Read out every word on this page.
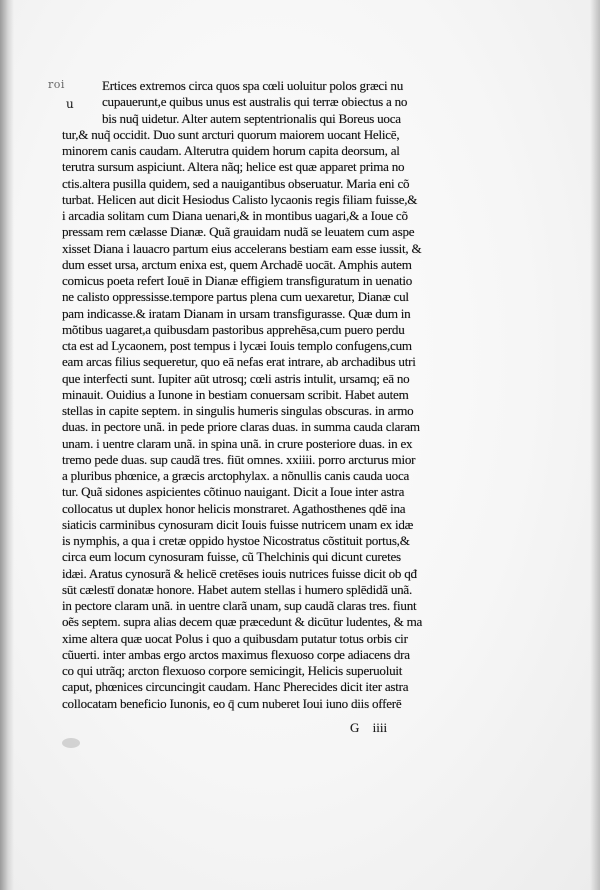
roi
u
Ertices extremos circa quos spa cœli uoluitur polos græci nu
cupauerunt,e quibus unus est australis qui terræ obiectus a no
bis nuq̃ uidetur. Alter autem septentrionalis qui Boreus uoca
tur,& nuq̃ occidit. Duo sunt arcturi quorum maiorem uocant Helicē,
minorem canis caudam. Alterutra quidem horum capita deorsum, al
terutra sursum aspiciunt. Altera nãq; helice est quæ apparet prima no
ctis.altera pusilla quidem, sed a nauigantibus obseruatur. Maria eni cõ
turbat. Helicen aut dicit Hesiodus Calisto lycaonis regis filiam fuisse,&
i arcadia solitam cum Diana uenari,& in montibus uagari,& a Ioue cõ
pressam rem cælasse Dianæ. Quã grauidam nudã se leuatem cum aspe
xisset Diana i lauacro partum eius accelerans bestiam eam esse iussit, &
dum esset ursa, arctum enixa est, quem Archadē uocāt. Amphis autem
comicus poeta refert Iouē in Dianæ effigiem transfiguratum in uenatio
ne calisto oppressisse.tempore partus plena cum uexaretur, Dianæ cul
pam indicasse.& iratam Dianam in ursam transfigurasse. Quæ dum in
mõtibus uagaret,a quibusdam pastoribus apprehēsa,cum puero perdu
cta est ad Lycaonem, post tempus i lycæi Iouis templo confugens,cum
eam arcas filius sequeretur, quo eā nefas erat intrare, ab archadibus utri
que interfecti sunt. Iupiter aūt utrosq; cœli astris intulit, ursamq; eā no
minauit. Ouidius a Iunone in bestiam conuersam scribit. Habet autem
stellas in capite septem. in singulis humeris singulas obscuras. in armo
duas. in pectore unã. in pede priore claras duas. in summa cauda claram
unam. i uentre claram unã. in spina unã. in crure posteriore duas. in ex
tremo pede duas. sup caudã tres. fiūt omnes. xxiiii. porro arcturus mior
a pluribus phœnice, a græcis arctophylax. a nõnullis canis cauda uoca
tur. Quã sidones aspicientes cõtinuo nauigant. Dicit a Ioue inter astra
collocatus ut duplex honor helicis monstraret. Agathosthenes qdē ina
siaticis carminibus cynosuram dicit Iouis fuisse nutricem unam ex idæ
is nymphis, a qua i cretæ oppido hystoe Nicostratus cõstituit portus,&
circa eum locum cynosuram fuisse, cũ Thelchinis qui dicunt curetes
idæi. Aratus cynosurã & helicē cretēses iouis nutrices fuisse dicit ob qđ
sūt cælestī donatæ honore. Habet autem stellas i humero splēdidã unã.
in pectore claram unã. in uentre clarã unam, sup caudã claras tres. fiunt
oẽs septem. supra alias decem quæ præcedunt & dicūtur ludentes, & ma
xime altera quæ uocat Polus i quo a quibusdam putatur totus orbis cir
cũuerti. inter ambas ergo arctos maximus flexuoso corpe adiacens dra
co qui utrãq; arcton flexuoso corpore semicingit, Helicis superuoluit
caput, phœnices circuncingit caudam. Hanc Pherecides dicit iter astra
collocatam beneficio Iunonis, eo q̄ cum nuberet Ioui iuno diis offerē
G iiii
